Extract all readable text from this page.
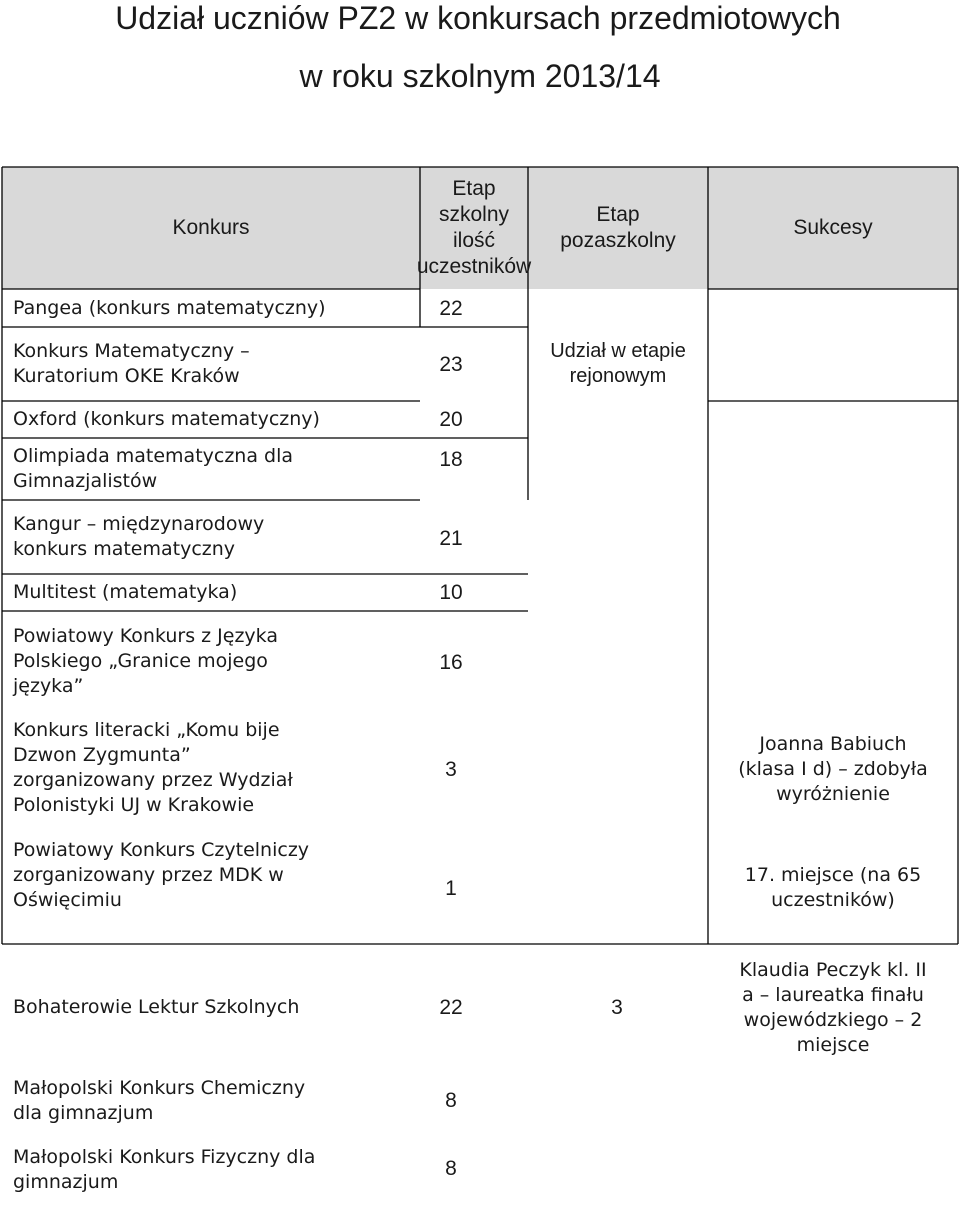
Udział uczniów PZ2 w konkursach przedmiotowych
w roku szkolnym 2013/14
Konkurs
Etap
szkolny
ilość
uczestników
Etap
pozaszkolny
Sukcesy
Pangea (konkurs matematyczny)
Konkurs Matematyczny –
Kuratorium OKE Kraków
Oxford (konkurs matematyczny)
Olimpiada matematyczna dla
Gimnazjalistów
Kangur – międzynarodowy
konkurs matematyczny
Multitest (matematyka)
Powiatowy Konkurs z Języka
Polskiego „Granice mojego
języka”
Konkurs literacki „Komu bije
Dzwon Zygmunta”
zorganizowany przez Wydział
Polonistyki UJ w Krakowie
Powiatowy Konkurs Czytelniczy
zorganizowany przez MDK w
Oświęcimiu
Bohaterowie Lektur Szkolnych
Małopolski Konkurs Chemiczny
dla gimnazjum
Małopolski Konkurs Fizyczny dla
gimnazjum
22
23
20
18
21
10
16
3
1
22
8
8
Udział w etapie
rejonowym
3
Joanna Babiuch
(klasa I d) – zdobyła
wyróżnienie
17. miejsce (na 65
uczestników)
Klaudia Peczyk kl. II
a – laureatka finału
wojewódzkiego – 2
miejsce
